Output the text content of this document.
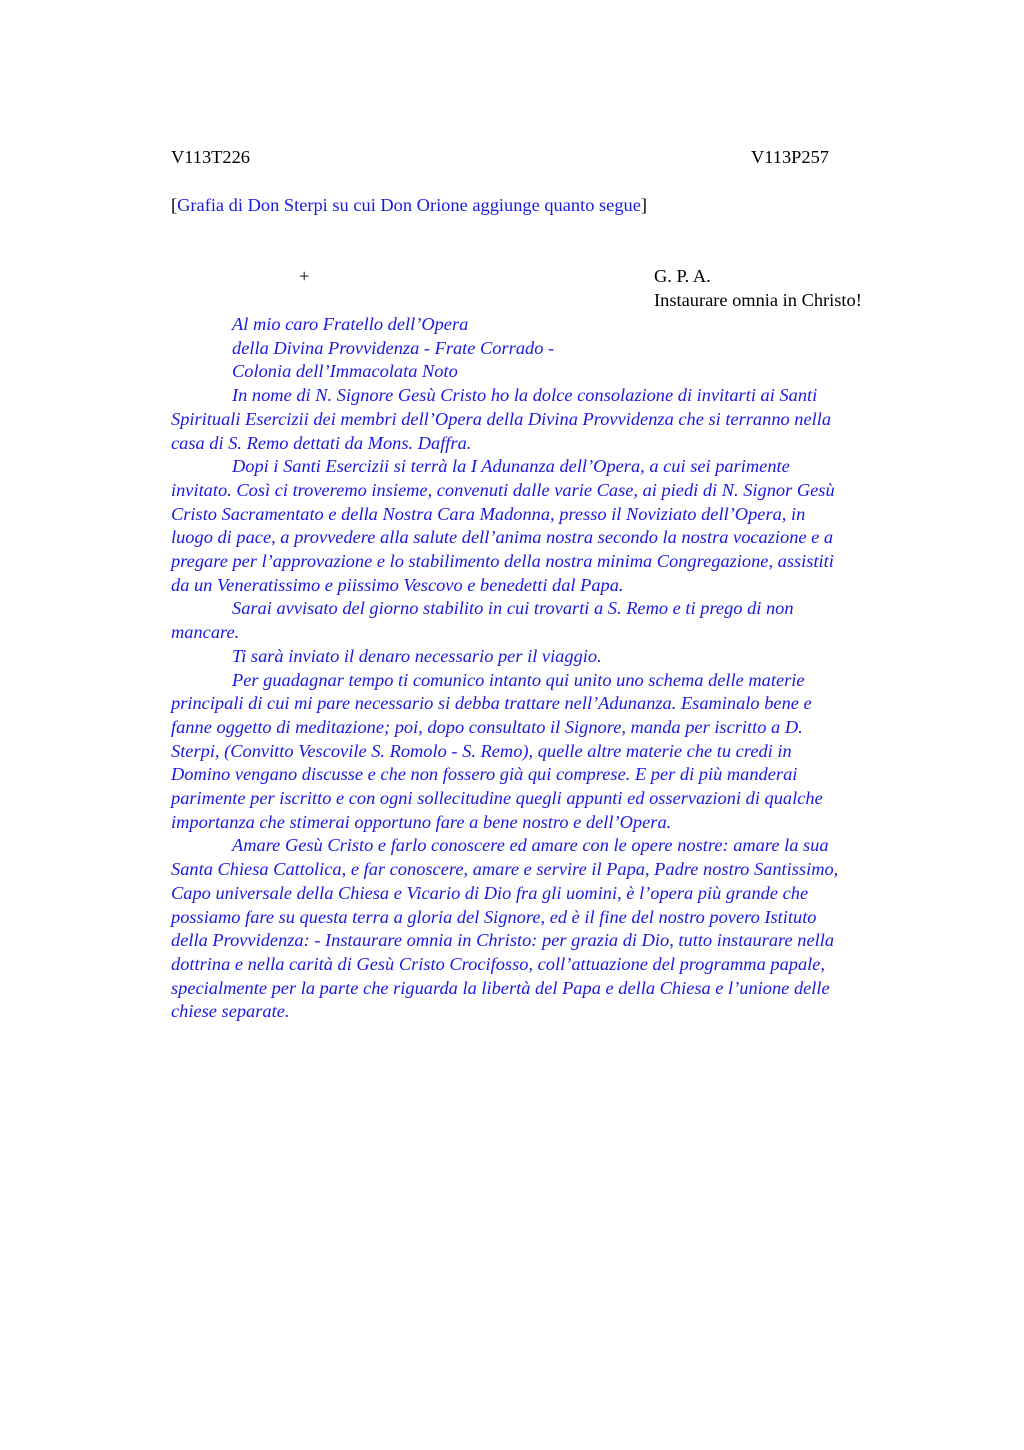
V113T226	V113P257
[Grafia di Don Sterpi su cui Don Orione aggiunge quanto segue]
+	G. P. A.
Instaurare omnia in Christo!
Al mio caro Fratello dell’Opera
della Divina Provvidenza - Frate Corrado -
Colonia dell’Immacolata Noto

In nome di N. Signore Gesù Cristo ho la dolce consolazione di invitarti ai Santi
Spirituali Esercizii dei membri dell’Opera della Divina Provvidenza che si terranno nella
casa di S. Remo dettati da Mons. Daffra.

Dopi i Santi Esercizii si terrà la I Adunanza dell’Opera, a cui sei parimente
invitato. Così ci troveremo insieme, convenuti dalle varie Case, ai piedi di N. Signor Gesù
Cristo Sacramentato e della Nostra Cara Madonna, presso il Noviziato dell’Opera, in
luogo di pace, a provvedere alla salute dell’anima nostra secondo la nostra vocazione e a
pregare per l’approvazione e lo stabilimento della nostra minima Congregazione, assistiti
da un Veneratissimo e piissimo Vescovo e benedetti dal Papa.

Sarai avvisato del giorno stabilito in cui trovarti a S. Remo e ti prego di non
mancare.

Ti sarà inviato il denaro necessario per il viaggio.

Per guadagnar tempo ti comunico intanto qui unito uno schema delle materie
principali di cui mi pare necessario si debba trattare nell’Adunanza. Esaminalo bene e
fanne oggetto di meditazione; poi, dopo consultato il Signore, manda per iscritto a D.
Sterpi, (Convitto Vescovile S. Romolo - S. Remo), quelle altre materie che tu credi in
Domino vengano discusse e che non fossero già qui comprese. E per di più manderai
parimente per iscritto e con ogni sollecitudine quegli appunti ed osservazioni di qualche
importanza che stimerai opportuno fare a bene nostro e dell’Opera.

Amare Gesù Cristo e farlo conoscere ed amare con le opere nostre: amare la sua
Santa Chiesa Cattolica, e far conoscere, amare e servire il Papa, Padre nostro Santissimo,
Capo universale della Chiesa e Vicario di Dio fra gli uomini, è l’opera più grande che
possiamo fare su questa terra a gloria del Signore, ed è il fine del nostro povero Istituto
della Provvidenza: - Instaurare omnia in Christo: per grazia di Dio, tutto instaurare nella
dottrina e nella carità di Gesù Cristo Crocifosso, coll’attuazione del programma papale,
specialmente per la parte che riguarda la libertà del Papa e della Chiesa e l’unione delle
chiese separate.
